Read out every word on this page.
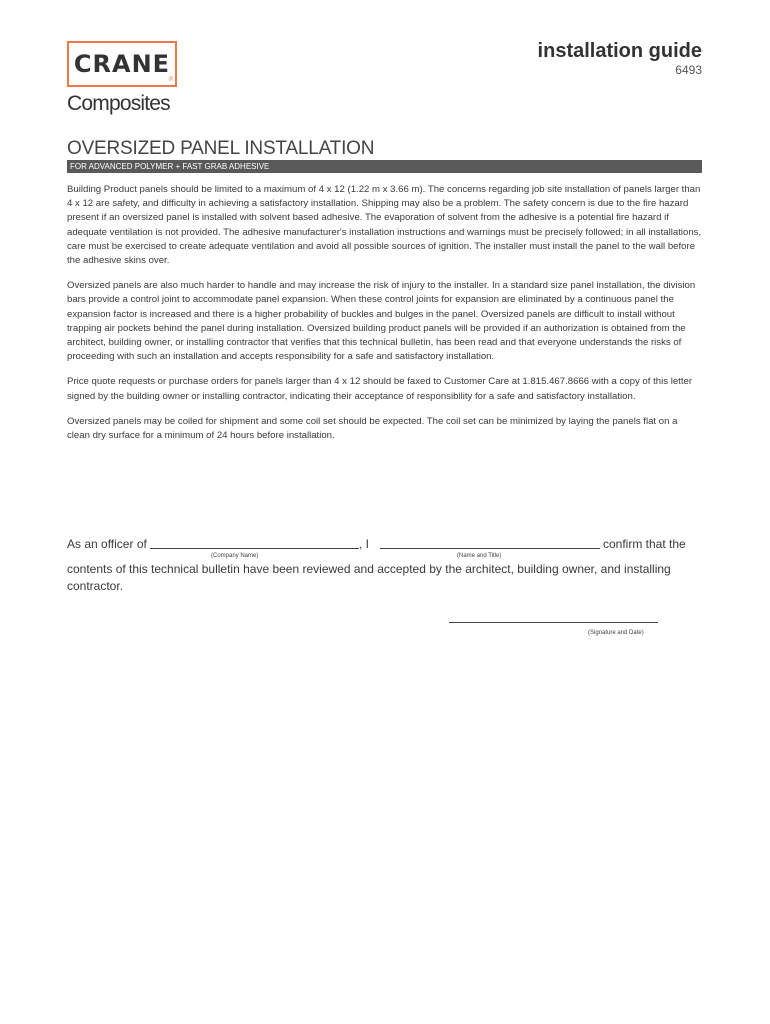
CRANE
®
Composites
installation guide
6493
OVERSIZED PANEL INSTALLATION
FOR ADVANCED POLYMER + FAST GRAB ADHESIVE

Building Product panels should be limited to a maximum of 4 x 12 (1.22 m x 3.66 m). The concerns regarding job site installation of panels larger than 4 x 12 are safety, and difficulty in achieving a satisfactory installation. Shipping may also be a problem. The safety concern is due to the fire hazard present if an oversized panel is installed with solvent based adhesive. The evaporation of solvent from the adhesive is a potential fire hazard if adequate ventilation is not provided. The adhesive manufacturer's installation instructions and warnings must be precisely followed; in all installations, care must be exercised to create adequate ventilation and avoid all possible sources of ignition. The installer must install the panel to the wall before the adhesive skins over.

Oversized panels are also much harder to handle and may increase the risk of injury to the installer. In a standard size panel installation, the division bars provide a control joint to accommodate panel expansion. When these control joints for expansion are eliminated by a continuous panel the expansion factor is increased and there is a higher probability of buckles and bulges in the panel. Oversized panels are difficult to install without trapping air pockets behind the panel during installation. Oversized building product panels will be provided if an authorization is obtained from the architect, building owner, or installing contractor that verifies that this technical bulletin, has been read and that everyone understands the risks of proceeding with such an installation and accepts responsibility for a safe and satisfactory installation.

Price quote requests or purchase orders for panels larger than 4 x 12 should be faxed to Customer Care at 1.815.467.8666 with a copy of this letter signed by the building owner or installing contractor, indicating their acceptance of responsibility for a safe and satisfactory installation.

Oversized panels may be coiled for shipment and some coil set should be expected. The coil set can be minimized by laying the panels flat on a clean dry surface for a minimum of 24 hours before installation.

As an officer of	, I	confirm that the
(Company Name)	(Name and Title)
contents of this technical bulletin have been reviewed and accepted by the architect, building owner, and installing contractor.
(Signature and Date)
